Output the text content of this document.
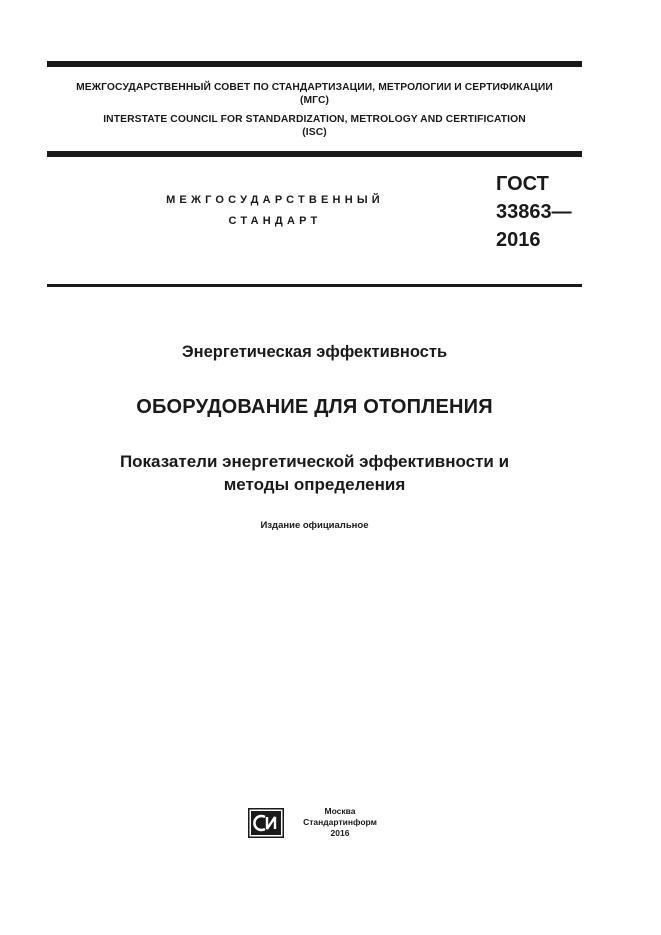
МЕЖГОСУДАРСТВЕННЫЙ СОВЕТ ПО СТАНДАРТИЗАЦИИ, МЕТРОЛОГИИ И СЕРТИФИКАЦИИ
(МГС)
INTERSTATE COUNCIL FOR STANDARDIZATION, METROLOGY AND CERTIFICATION
(ISC)
МЕЖГОСУДАРСТВЕННЫЙ
СТАНДАРТ
ГОСТ
33863—
2016
Энергетическая эффективность
ОБОРУДОВАНИЕ ДЛЯ ОТОПЛЕНИЯ
Показатели энергетической эффективности и
методы определения
Издание официальное
Москва
Стандартинформ
2016
